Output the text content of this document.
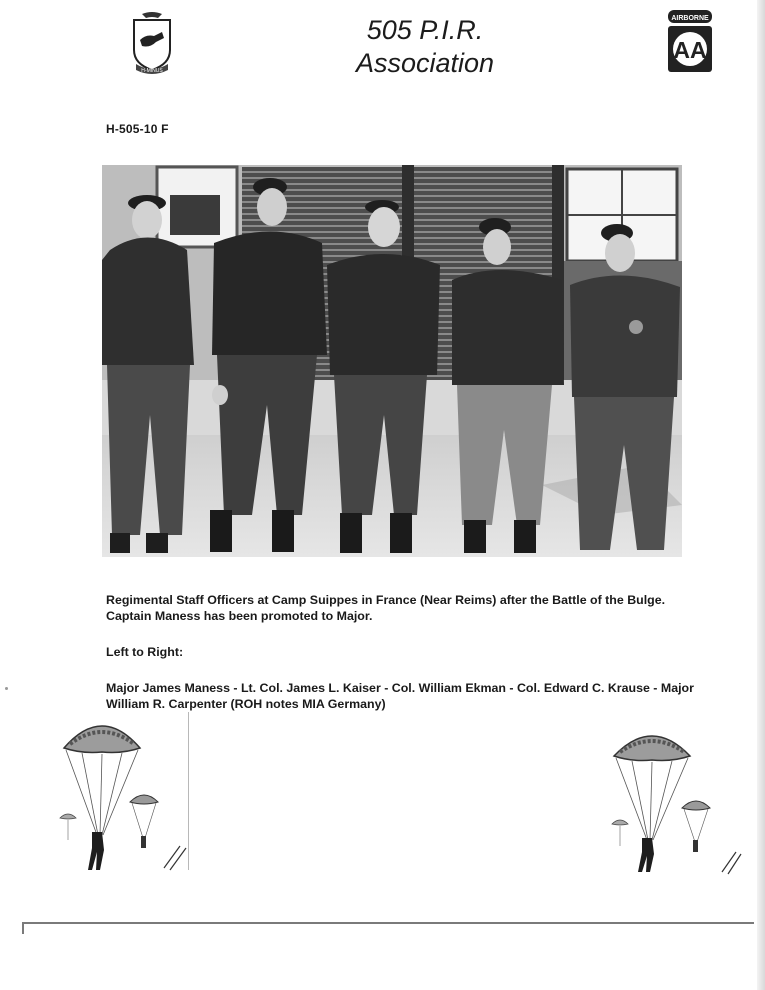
H-MINUS
505 P.I.R.
Association
AIRBORNE
AA
H-505-10 F
Regimental Staff Officers at Camp Suippes in France (Near Reims) after the Battle of the Bulge. Captain Maness has been promoted to Major.
Left to Right:
Major James Maness - Lt. Col. James L. Kaiser - Col. William Ekman - Col. Edward C. Krause - Major William R. Carpenter (ROH notes MIA Germany)
